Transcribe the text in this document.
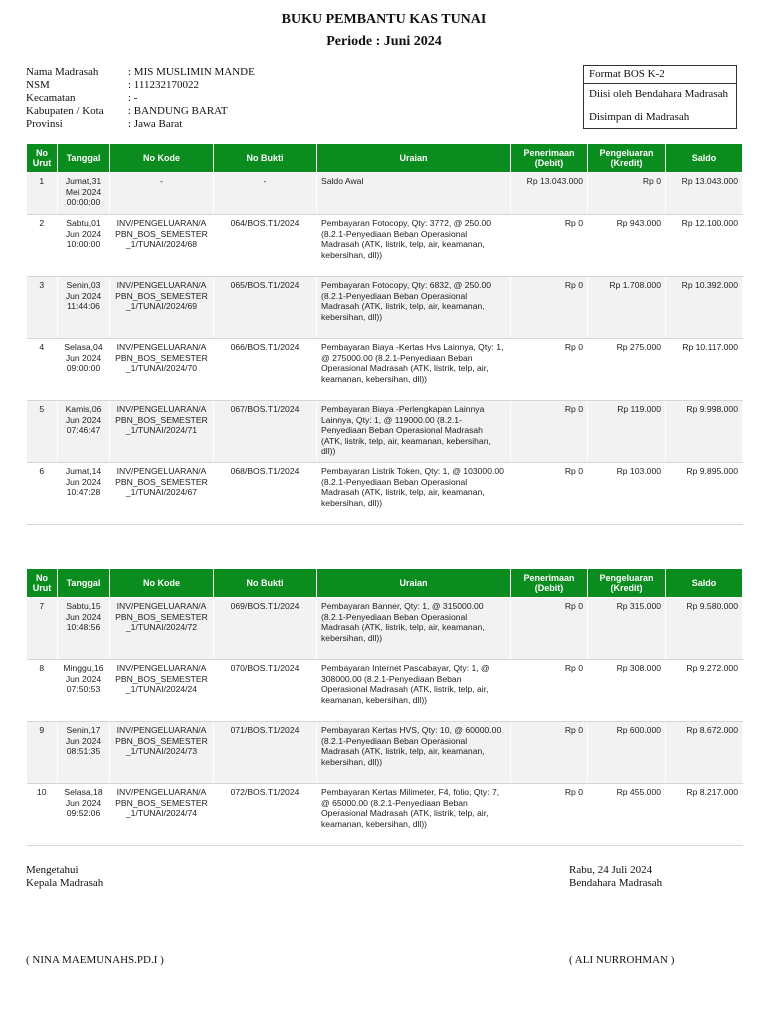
BUKU PEMBANTU KAS TUNAI
Periode : Juni 2024
Nama Madrasah	: MIS MUSLIMIN MANDE
NSM	: 111232170022
Kecamatan	: -
Kabupaten / Kota	: BANDUNG BARAT
Provinsi	: Jawa Barat
Format BOS K-2
Diisi oleh Bendahara Madrasah
Disimpan di Madrasah
No Urut	Tanggal	No Kode	No Bukti	Uraian	Penerimaan (Debit)	Pengeluaran (Kredit)	Saldo
1	Jumat,31 Mei 2024 00:00:00	-	-	Saldo Awal	Rp 13.043.000	Rp 0	Rp 13.043.000
2	Sabtu,01 Jun 2024 10:00:00	INV/PENGELUARAN/APBN_BOS_SEMESTER_1/TUNAI/2024/68	064/BOS.T1/2024	Pembayaran Fotocopy, Qty: 3772, @ 250.00 (8.2.1-Penyediaan Beban Operasional Madrasah (ATK, listrik, telp, air, keamanan, kebersihan, dll))	Rp 0	Rp 943.000	Rp 12.100.000
3	Senin,03 Jun 2024 11:44:06	INV/PENGELUARAN/APBN_BOS_SEMESTER_1/TUNAI/2024/69	065/BOS.T1/2024	Pembayaran Fotocopy, Qty: 6832, @ 250.00 (8.2.1-Penyediaan Beban Operasional Madrasah (ATK, listrik, telp, air, keamanan, kebersihan, dll))	Rp 0	Rp 1.708.000	Rp 10.392.000
4	Selasa,04 Jun 2024 09:00:00	INV/PENGELUARAN/APBN_BOS_SEMESTER_1/TUNAI/2024/70	066/BOS.T1/2024	Pembayaran Biaya -Kertas Hvs Lainnya, Qty: 1, @ 275000.00 (8.2.1-Penyediaan Beban Operasional Madrasah (ATK, listrik, telp, air, keamanan, kebersihan, dll))	Rp 0	Rp 275.000	Rp 10.117.000
5	Kamis,06 Jun 2024 07:46:47	INV/PENGELUARAN/APBN_BOS_SEMESTER_1/TUNAI/2024/71	067/BOS.T1/2024	Pembayaran Biaya -Perlengkapan Lainnya Lainnya, Qty: 1, @ 119000.00 (8.2.1-Penyediaan Beban Operasional Madrasah (ATK, listrik, telp, air, keamanan, kebersihan, dll))	Rp 0	Rp 119.000	Rp 9.998.000
6	Jumat,14 Jun 2024 10:47:28	INV/PENGELUARAN/APBN_BOS_SEMESTER_1/TUNAI/2024/67	068/BOS.T1/2024	Pembayaran Listrik Token, Qty: 1, @ 103000.00 (8.2.1-Penyediaan Beban Operasional Madrasah (ATK, listrik, telp, air, keamanan, kebersihan, dll))	Rp 0	Rp 103.000	Rp 9.895.000
No Urut	Tanggal	No Kode	No Bukti	Uraian	Penerimaan (Debit)	Pengeluaran (Kredit)	Saldo
7	Sabtu,15 Jun 2024 10:48:56	INV/PENGELUARAN/APBN_BOS_SEMESTER_1/TUNAI/2024/72	069/BOS.T1/2024	Pembayaran Banner, Qty: 1, @ 315000.00 (8.2.1-Penyediaan Beban Operasional Madrasah (ATK, listrik, telp, air, keamanan, kebersihan, dll))	Rp 0	Rp 315.000	Rp 9.580.000
8	Minggu,16 Jun 2024 07:50:53	INV/PENGELUARAN/APBN_BOS_SEMESTER_1/TUNAI/2024/24	070/BOS.T1/2024	Pembayaran Internet Pascabayar, Qty: 1, @ 308000.00 (8.2.1-Penyediaan Beban Operasional Madrasah (ATK, listrik, telp, air, keamanan, kebersihan, dll))	Rp 0	Rp 308.000	Rp 9.272.000
9	Senin,17 Jun 2024 08:51:35	INV/PENGELUARAN/APBN_BOS_SEMESTER_1/TUNAI/2024/73	071/BOS.T1/2024	Pembayaran Kertas HVS, Qty: 10, @ 60000.00 (8.2.1-Penyediaan Beban Operasional Madrasah (ATK, listrik, telp, air, keamanan, kebersihan, dll))	Rp 0	Rp 600.000	Rp 8.672.000
10	Selasa,18 Jun 2024 09:52:06	INV/PENGELUARAN/APBN_BOS_SEMESTER_1/TUNAI/2024/74	072/BOS.T1/2024	Pembayaran Kertas Milimeter, F4, folio, Qty: 7, @ 65000.00 (8.2.1-Penyediaan Beban Operasional Madrasah (ATK, listrik, telp, air, keamanan, kebersihan, dll))	Rp 0	Rp 455.000	Rp 8.217.000
Mengetahui
Kepala Madrasah
Rabu, 24 Juli 2024
Bendahara Madrasah
( NINA MAEMUNAHS.PD.I )	( ALI NURROHMAN )
